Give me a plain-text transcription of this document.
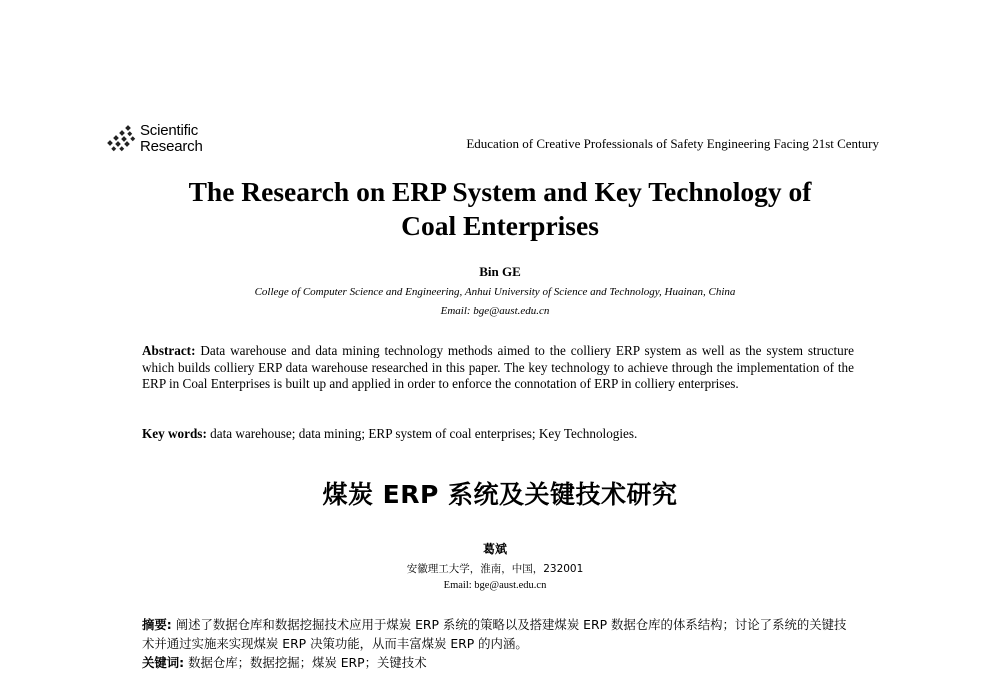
Scientific
Research	Education of Creative Professionals of Safety Engineering Facing 21st Century
The Research on ERP System and Key Technology of
Coal Enterprises
Bin GE
College of Computer Science and Engineering, Anhui University of Science and Technology, Huainan, China
Email: bge@aust.edu.cn
Abstract: Data warehouse and data mining technology methods aimed to the colliery ERP system as well as the system structure which builds colliery ERP data warehouse researched in this paper. The key technology to achieve through the implementation of the ERP in Coal Enterprises is built up and applied in order to enforce the connotation of ERP in colliery enterprises.
Key words: data warehouse; data mining; ERP system of coal enterprises; Key Technologies.
煤炭 ERP 系统及关键技术研究
葛斌
安徽理工大学，淮南，中国，232001
Email: bge@aust.edu.cn
摘要: 阐述了数据仓库和数据挖掘技术应用于煤炭 ERP 系统的策略以及搭建煤炭 ERP 数据仓库的体系结构；讨论了系统的关键技术并通过实施来实现煤炭 ERP 决策功能，从而丰富煤炭 ERP 的内涵。
关键词: 数据仓库；数据挖掘；煤炭 ERP；关键技术
